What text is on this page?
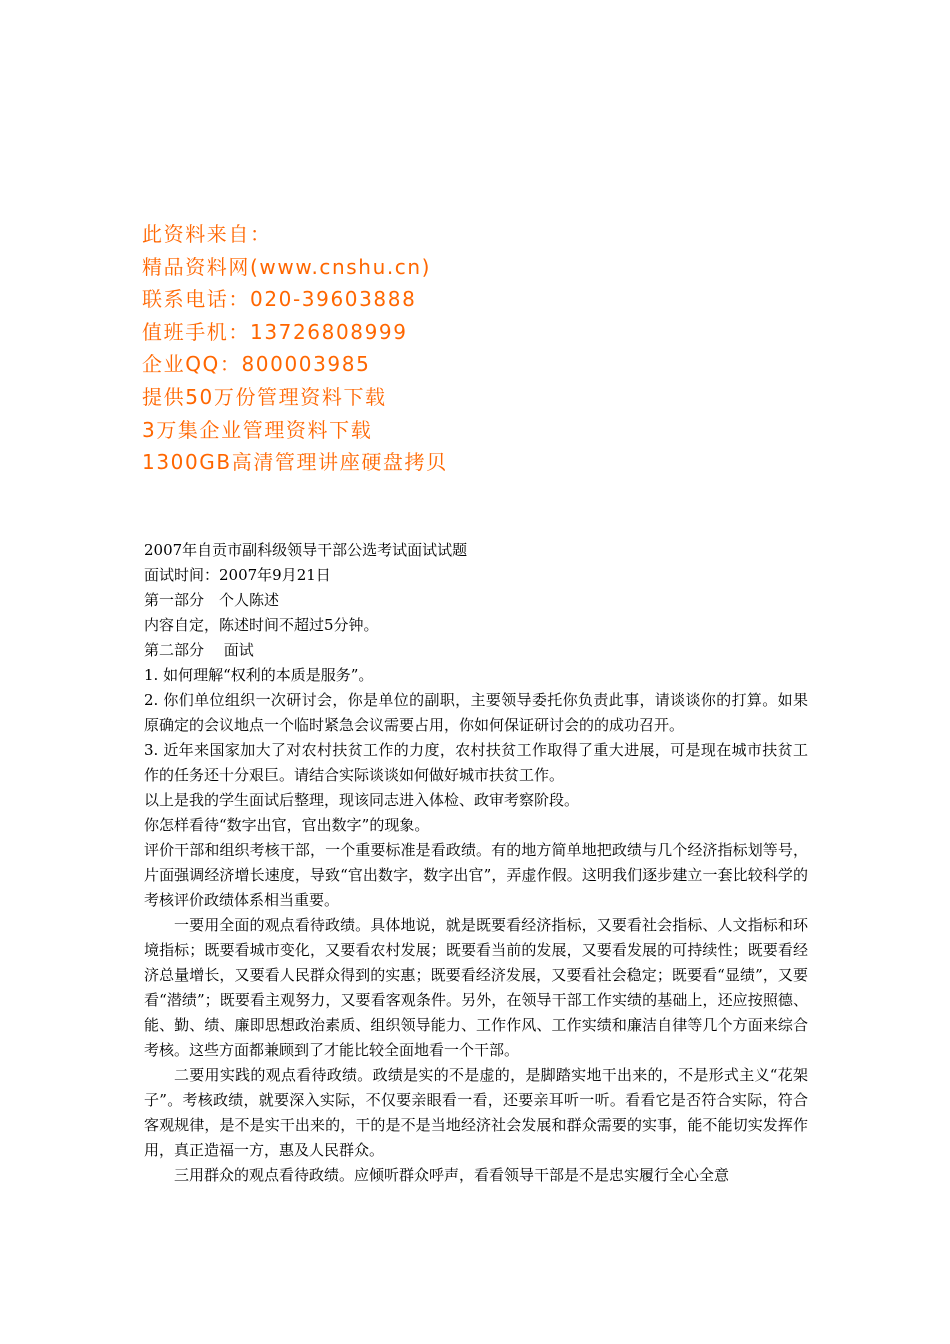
此资料来自：
精品资料网(www.cnshu.cn)
联系电话：020-39603888
值班手机：13726808999
企业QQ：800003985
提供50万份管理资料下载
3万集企业管理资料下载
1300GB高清管理讲座硬盘拷贝

2007年自贡市副科级领导干部公选考试面试试题

面试时间：2007年9月21日

第一部分　个人陈述

内容自定，陈述时间不超过5分钟。

第二部分　 面试

1. 如何理解“权利的本质是服务”。

2. 你们单位组织一次研讨会，你是单位的副职，主要领导委托你负责此事，请谈谈你的打算。如果原确定的会议地点一个临时紧急会议需要占用，你如何保证研讨会的的成功召开。

3. 近年来国家加大了对农村扶贫工作的力度，农村扶贫工作取得了重大进展，可是现在城市扶贫工作的任务还十分艰巨。请结合实际谈谈如何做好城市扶贫工作。

以上是我的学生面试后整理，现该同志进入体检、政审考察阶段。

你怎样看待“数字出官，官出数字”的现象。

评价干部和组织考核干部，一个重要标准是看政绩。有的地方简单地把政绩与几个经济指标划等号，片面强调经济增长速度，导致“官出数字，数字出官”，弄虚作假。这明我们逐步建立一套比较科学的考核评价政绩体系相当重要。

一要用全面的观点看待政绩。具体地说，就是既要看经济指标，又要看社会指标、人文指标和环境指标；既要看城市变化，又要看农村发展；既要看当前的发展，又要看发展的可持续性；既要看经济总量增长，又要看人民群众得到的实惠；既要看经济发展，又要看社会稳定；既要看“显绩”，又要看“潜绩”；既要看主观努力，又要看客观条件。另外，在领导干部工作实绩的基础上，还应按照德、能、勤、绩、廉即思想政治素质、组织领导能力、工作作风、工作实绩和廉洁自律等几个方面来综合考核。这些方面都兼顾到了才能比较全面地看一个干部。

二要用实践的观点看待政绩。政绩是实的不是虚的，是脚踏实地干出来的，不是形式主义“花架子”。考核政绩，就要深入实际，不仅要亲眼看一看，还要亲耳听一听。看看它是否符合实际，符合客观规律，是不是实干出来的，干的是不是当地经济社会发展和群众需要的实事，能不能切实发挥作用，真正造福一方，惠及人民群众。

三用群众的观点看待政绩。应倾听群众呼声，看看领导干部是不是忠实履行全心全意
